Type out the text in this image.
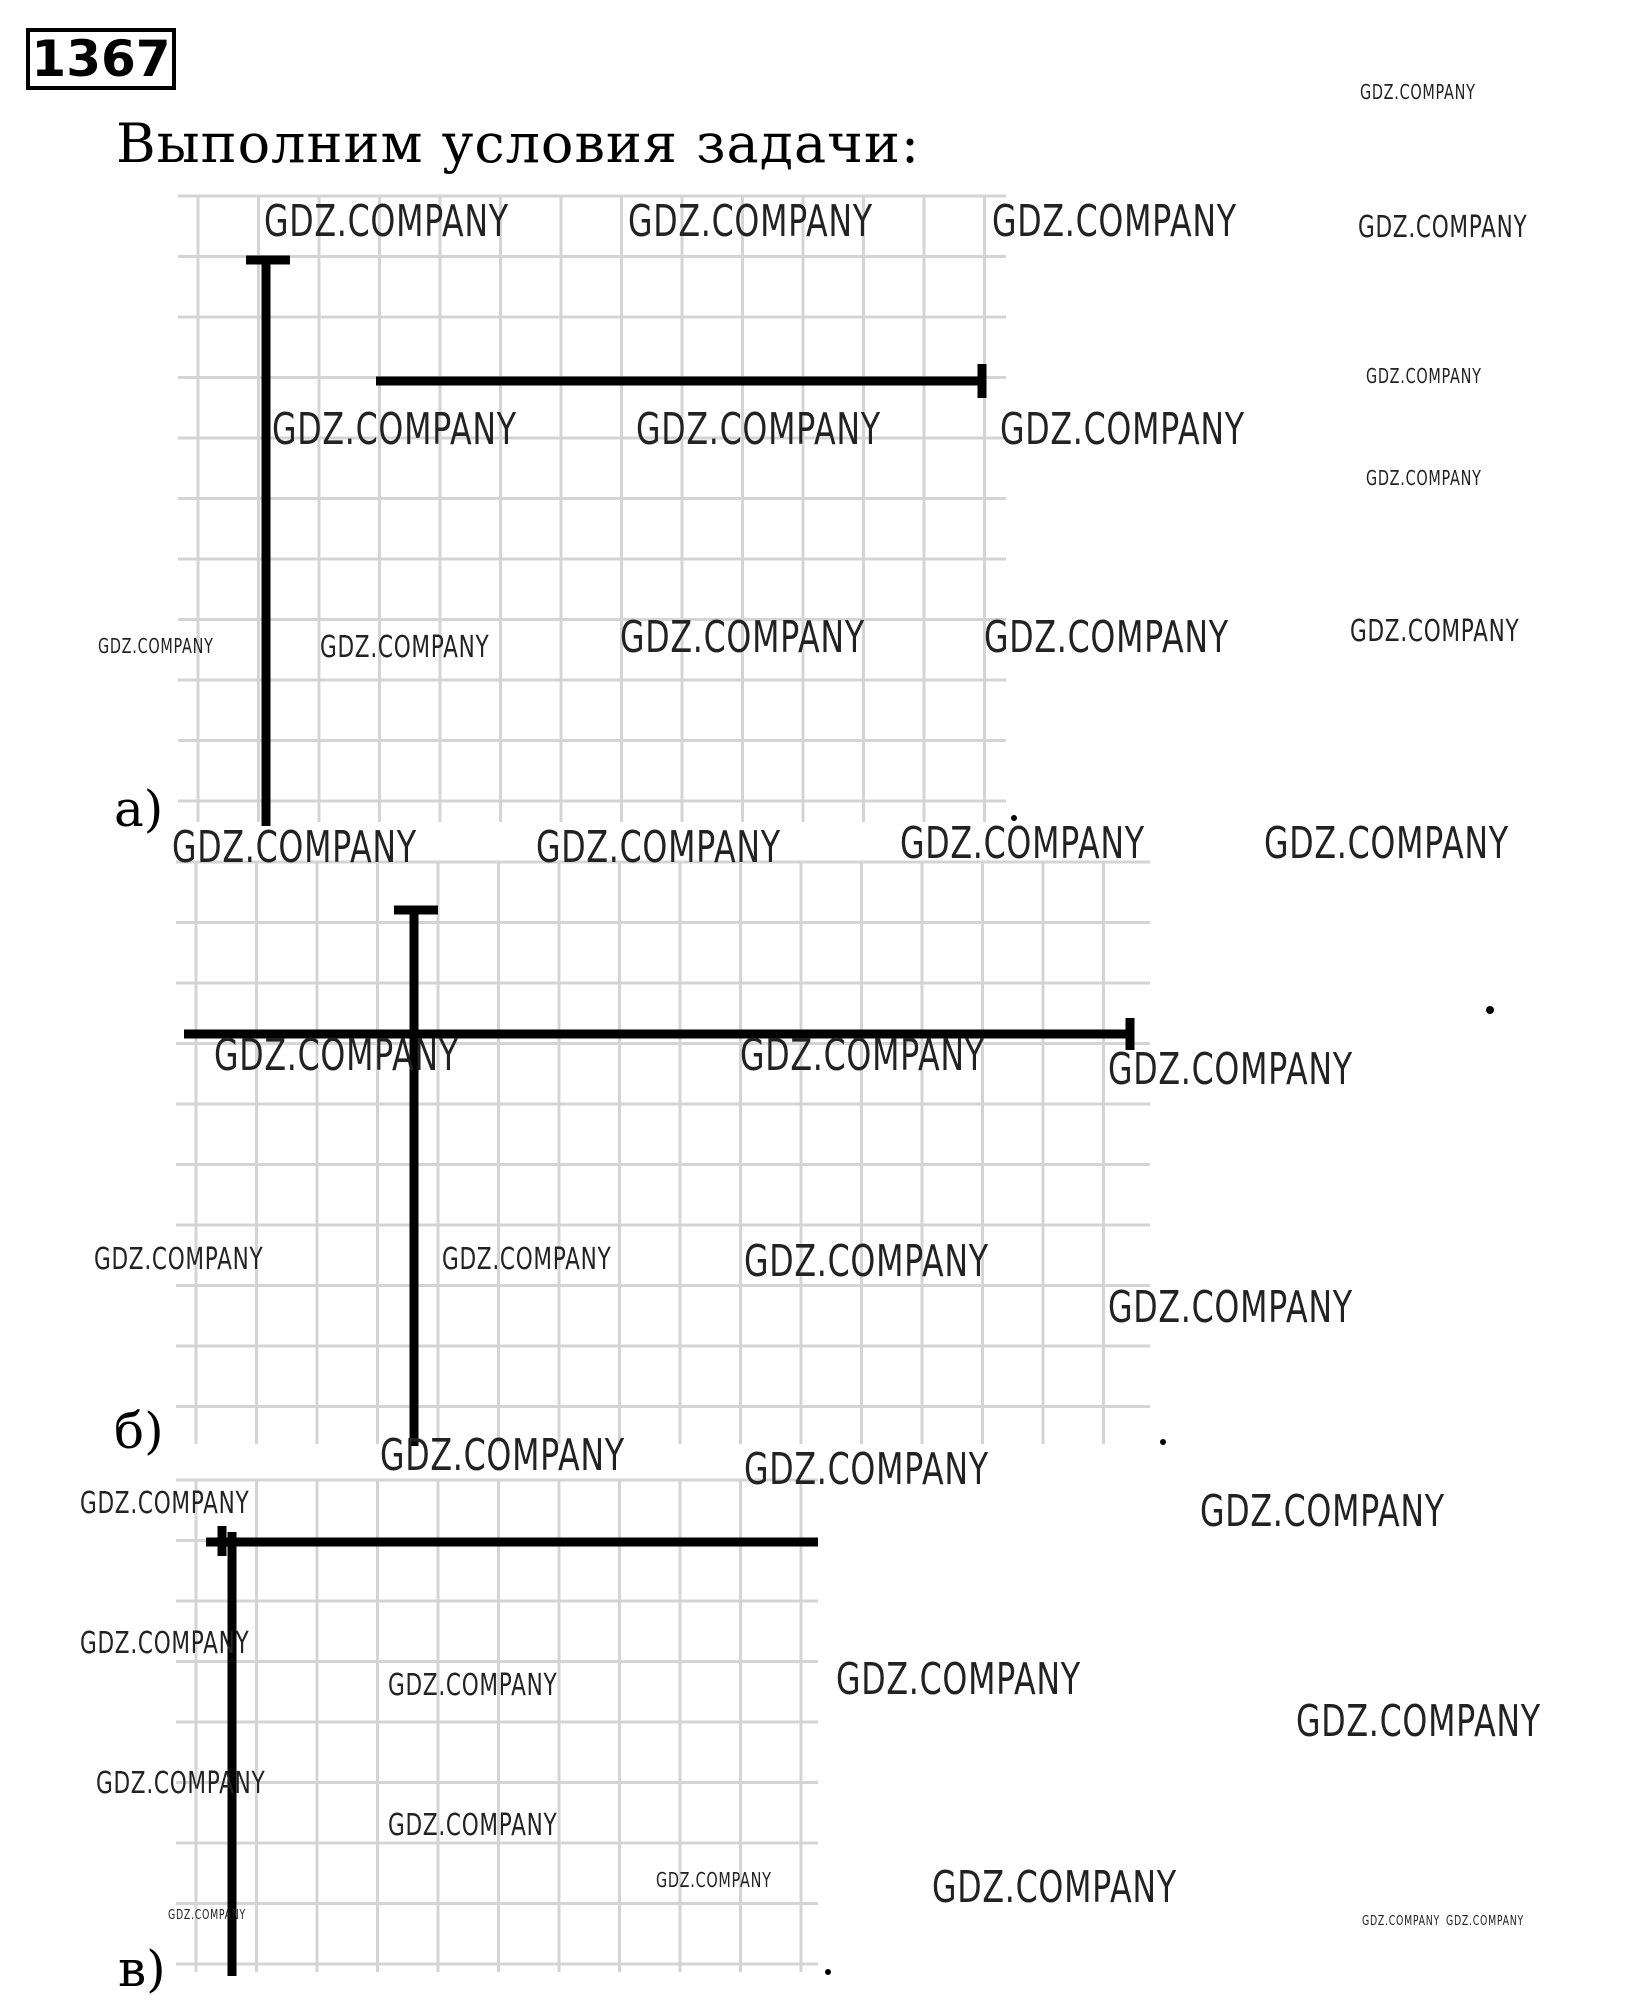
1367
Выполним условия задачи:
а)
б)
в)
GDZ.COMPANY
GDZ.COMPANY	GDZ.COMPANY	GDZ.COMPANY	GDZ.COMPANY
GDZ.COMPANY
GDZ.COMPANY	GDZ.COMPANY	GDZ.COMPANY
GDZ.COMPANY
GDZ.COMPANY	GDZ.COMPANY	GDZ.COMPANY	GDZ.COMPANY	GDZ.COMPANY
GDZ.COMPANY	GDZ.COMPANY	GDZ.COMPANY	GDZ.COMPANY
GDZ.COMPANY	GDZ.COMPANY	GDZ.COMPANY
GDZ.COMPANY	GDZ.COMPANY	GDZ.COMPANY
GDZ.COMPANY
GDZ.COMPANY	GDZ.COMPANY
GDZ.COMPANY	GDZ.COMPANY
GDZ.COMPANY
GDZ.COMPANY	GDZ.COMPANY
GDZ.COMPANY
GDZ.COMPANY
GDZ.COMPANY
GDZ.COMPANY	GDZ.COMPANY
GDZ.COMPANY	GDZ.COMPANY GDZ.COMPANY
